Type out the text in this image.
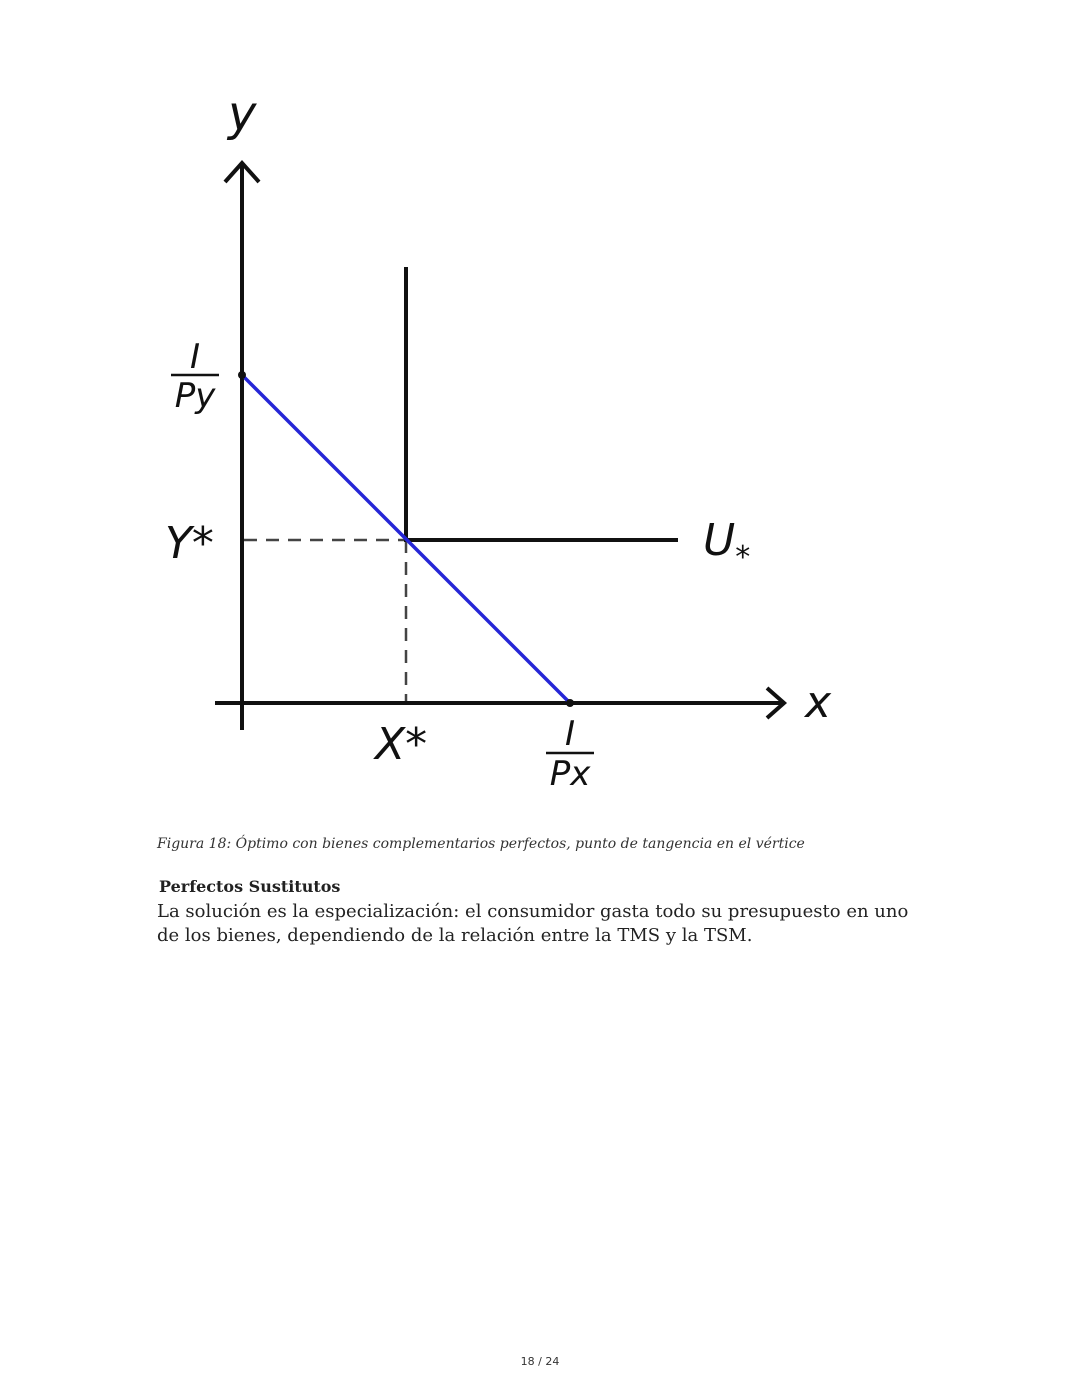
y
x
I
Py
Y*
X*
$U_*$
I
Px
Figura 18: Óptimo con bienes complementarios perfectos, punto de tangencia en el vértice
Perfectos Sustitutos
La solución es la especialización: el consumidor gasta todo su presupuesto en uno de los bienes, dependiendo de la relación entre la TMS y la TSM.
18 / 24
